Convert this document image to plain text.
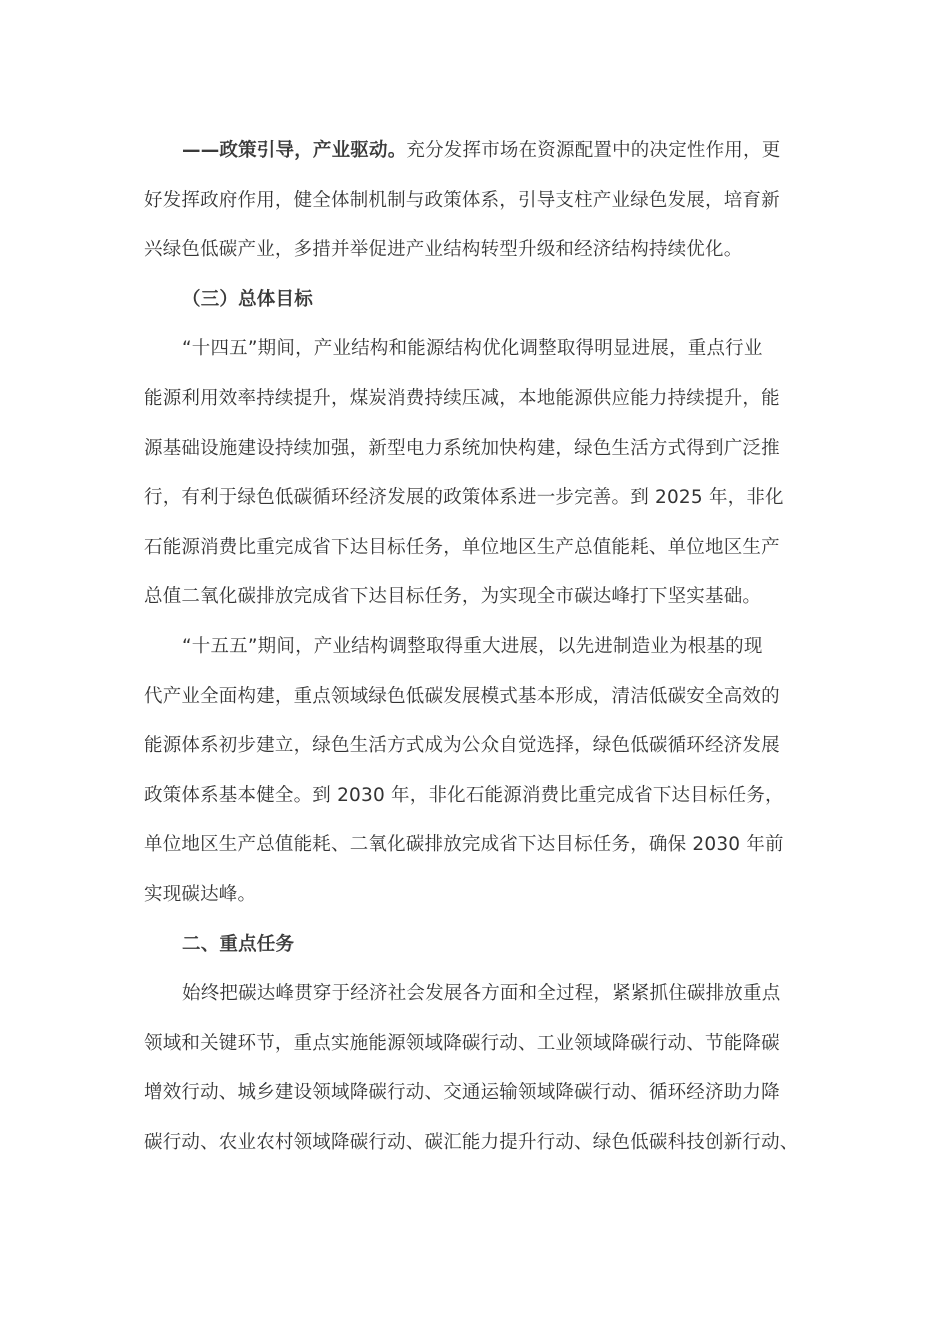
——政策引导，产业驱动。充分发挥市场在资源配置中的决定性作用，更
好发挥政府作用，健全体制机制与政策体系，引导支柱产业绿色发展，培育新
兴绿色低碳产业，多措并举促进产业结构转型升级和经济结构持续优化。
（三）总体目标
“十四五”期间，产业结构和能源结构优化调整取得明显进展，重点行业
能源利用效率持续提升，煤炭消费持续压减，本地能源供应能力持续提升，能
源基础设施建设持续加强，新型电力系统加快构建，绿色生活方式得到广泛推
行，有利于绿色低碳循环经济发展的政策体系进一步完善。到 2025 年，非化
石能源消费比重完成省下达目标任务，单位地区生产总值能耗、单位地区生产
总值二氧化碳排放完成省下达目标任务，为实现全市碳达峰打下坚实基础。
“十五五”期间，产业结构调整取得重大进展，以先进制造业为根基的现
代产业全面构建，重点领域绿色低碳发展模式基本形成，清洁低碳安全高效的
能源体系初步建立，绿色生活方式成为公众自觉选择，绿色低碳循环经济发展
政策体系基本健全。到 2030 年，非化石能源消费比重完成省下达目标任务，
单位地区生产总值能耗、二氧化碳排放完成省下达目标任务，确保 2030 年前
实现碳达峰。
二、重点任务
始终把碳达峰贯穿于经济社会发展各方面和全过程，紧紧抓住碳排放重点
领域和关键环节，重点实施能源领域降碳行动、工业领域降碳行动、节能降碳
增效行动、城乡建设领域降碳行动、交通运输领域降碳行动、循环经济助力降
碳行动、农业农村领域降碳行动、碳汇能力提升行动、绿色低碳科技创新行动、
